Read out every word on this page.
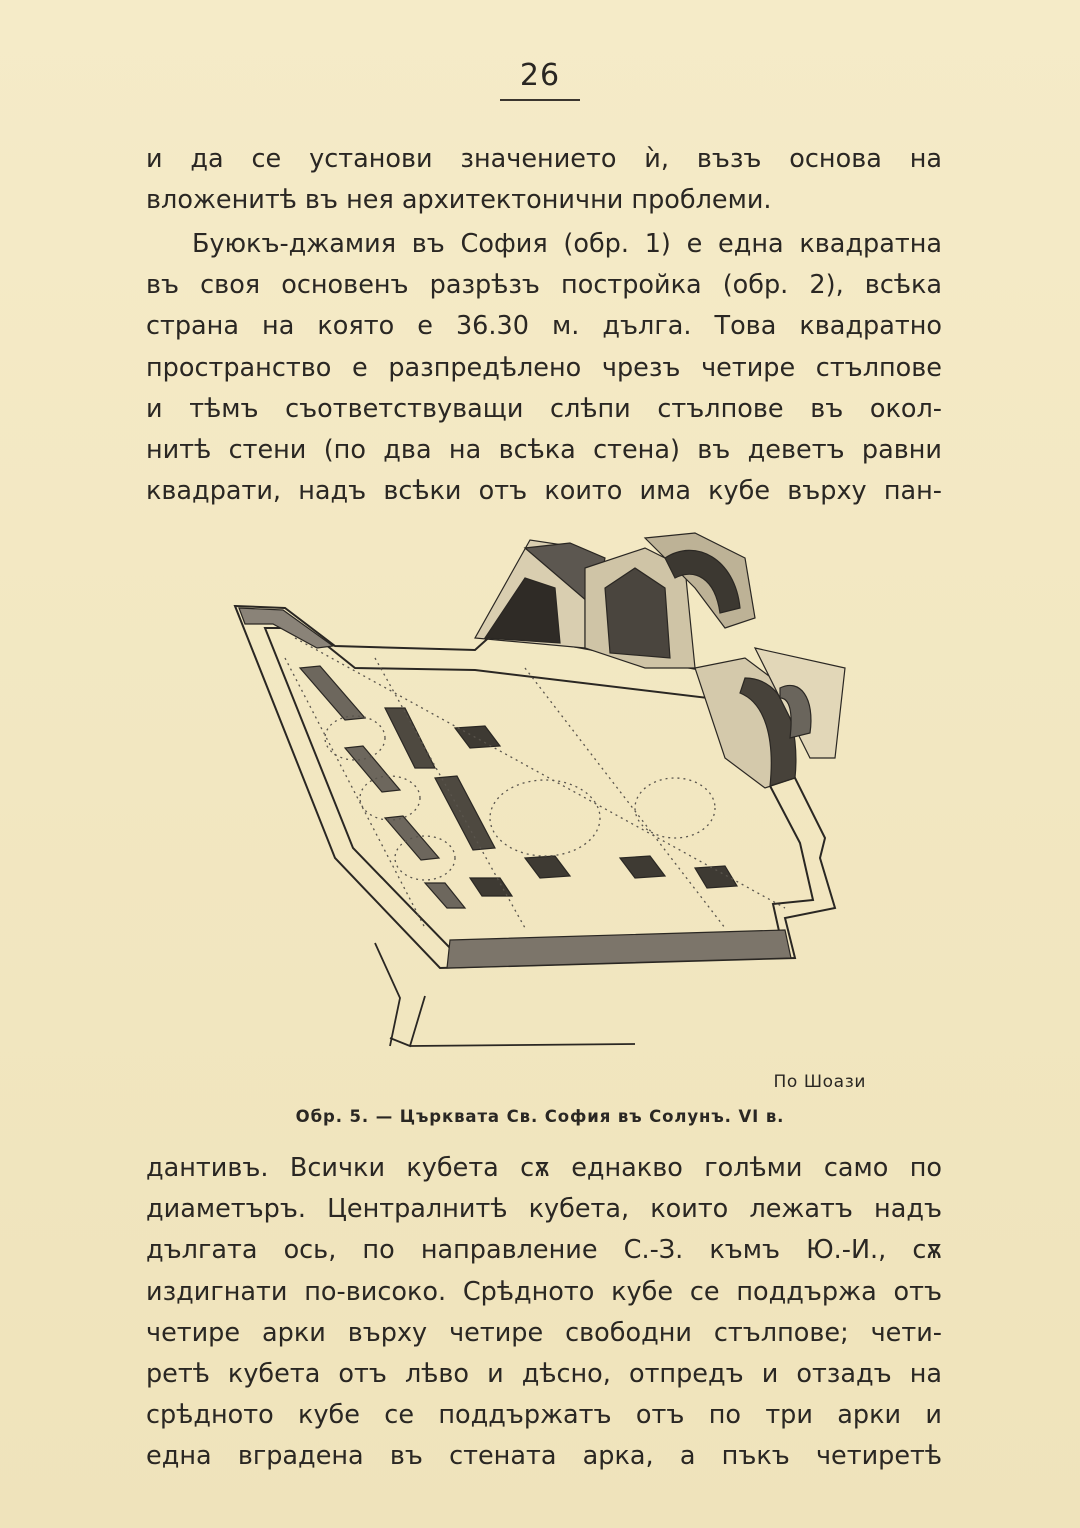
26
и да се установи значението ѝ, възъ основа на
вложенитѣ въ нея архитектонични проблеми.
Буюкъ-джамия въ София (обр. 1) е една квадратна
въ своя основенъ разрѣзъ постройка (обр. 2), всѣка
страна на която е 36.30 м. дълга. Това квадратно
пространство е разпредѣлено чрезъ четире стълпове
и тѣмъ съответствуващи слѣпи стълпове въ окол-
нитѣ стени (по два на всѣка стена) въ деветъ равни
квадрати, надъ всѣки отъ които има кубе върху пан-
По Шоази
Обр. 5. — Църквата Св. София въ Солунъ. VI в.
дантивъ. Всички кубета сѫ еднакво голѣми само по
диаметъръ. Централнитѣ кубета, които лежатъ надъ
дългата ось, по направление С.-З. къмъ Ю.-И., сѫ
издигнати по-високо. Срѣдното кубе се поддържа отъ
четире арки върху четире свободни стълпове; чети-
ретѣ кубета отъ лѣво и дѣсно, отпредъ и отзадъ на
срѣдното кубе се поддържатъ отъ по три арки и
една вградена въ стената арка, а пъкъ четиретѣ
